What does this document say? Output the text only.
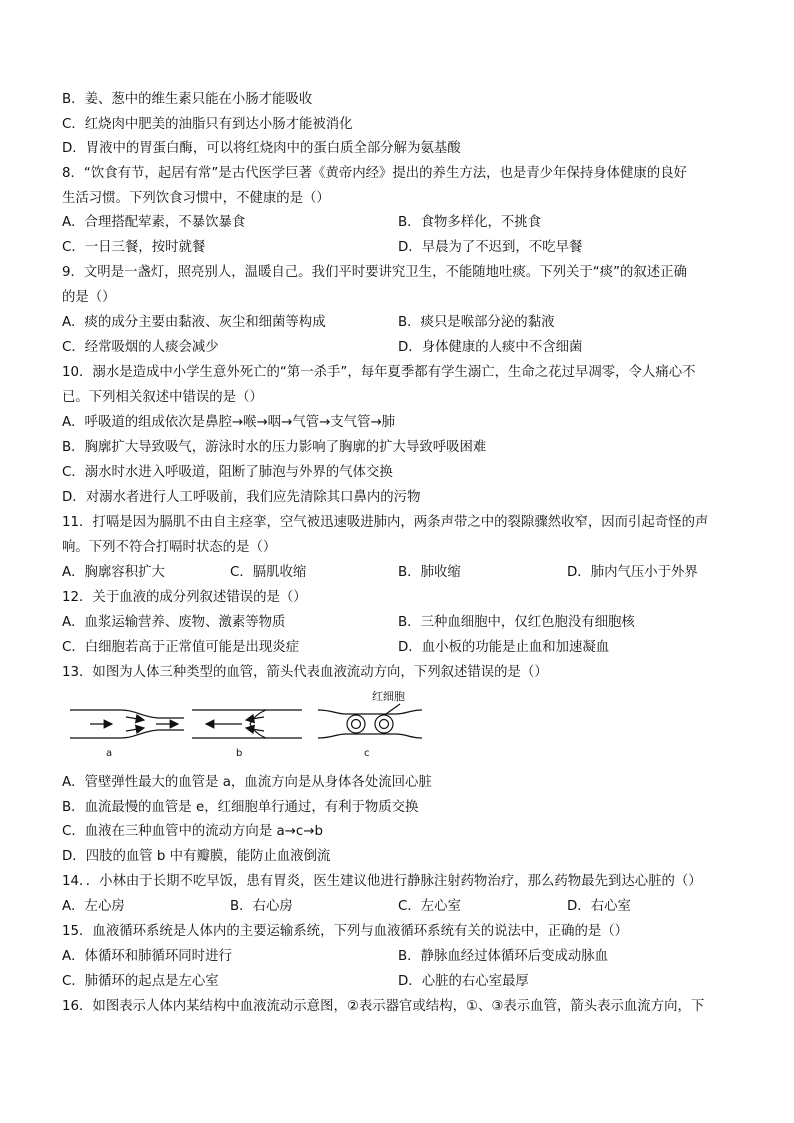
B．姜、葱中的维生素只能在小肠才能吸收
C．红烧肉中肥美的油脂只有到达小肠才能被消化
D．胃液中的胃蛋白酶，可以将红烧肉中的蛋白质全部分解为氨基酸
8．“饮食有节，起居有常”是古代医学巨著《黄帝内经》提出的养生方法，也是青少年保持身体健康的良好
生活习惯。下列饮食习惯中，不健康的是（）
A．合理搭配荤素，不暴饮暴食	B．食物多样化，不挑食
C．一日三餐，按时就餐	D．早晨为了不迟到，不吃早餐
9．文明是一盏灯，照亮别人，温暖自己。我们平时要讲究卫生，不能随地吐痰。下列关于“痰”的叙述正确
的是（）
A．痰的成分主要由黏液、灰尘和细菌等构成	B．痰只是喉部分泌的黏液
C．经常吸烟的人痰会减少	D．身体健康的人痰中不含细菌
10．溺水是造成中小学生意外死亡的“第一杀手”，每年夏季都有学生溺亡，生命之花过早凋零，令人痛心不
已。下列相关叙述中错误的是（）
A．呼吸道的组成依次是鼻腔→喉→咽→气管→支气管→肺
B．胸廓扩大导致吸气，游泳时水的压力影响了胸廓的扩大导致呼吸困难
C．溺水时水进入呼吸道，阻断了肺泡与外界的气体交换
D．对溺水者进行人工呼吸前，我们应先清除其口鼻内的污物
11．打嗝是因为膈肌不由自主痉挛，空气被迅速吸进肺内，两条声带之中的裂隙骤然收窄，因而引起奇怪的声
响。下列不符合打嗝时状态的是（）
A．胸廓容积扩大	C．膈肌收缩	B．肺收缩	D．肺内气压小于外界
12．关于血液的成分列叙述错误的是（）
A．血浆运输营养、废物、激素等物质	B．三种血细胞中，仅红色胞没有细胞核
C．白细胞若高于正常值可能是出现炎症	D．血小板的功能是止血和加速凝血
13．如图为人体三种类型的血管，箭头代表血液流动方向，下列叙述错误的是（）
红细胞
a	b	c
A．管壁弹性最大的血管是 a，血流方向是从身体各处流回心脏
B．血流最慢的血管是 e，红细胞单行通过，有利于物质交换
C．血液在三种血管中的流动方向是 a→c→b
D．四肢的血管 b 中有瓣膜，能防止血液倒流
14．．小林由于长期不吃早饭，患有胃炎，医生建议他进行静脉注射药物治疗，那么药物最先到达心脏的（）
A．左心房	B．右心房	C．左心室	D．右心室
15．血液循环系统是人体内的主要运输系统，下列与血液循环系统有关的说法中，正确的是（）
A．体循环和肺循环同时进行	B．静脉血经过体循环后变成动脉血
C．肺循环的起点是左心室	D．心脏的右心室最厚
16．如图表示人体内某结构中血液流动示意图，②表示器官或结构，①、③表示血管，箭头表示血流方向，下
